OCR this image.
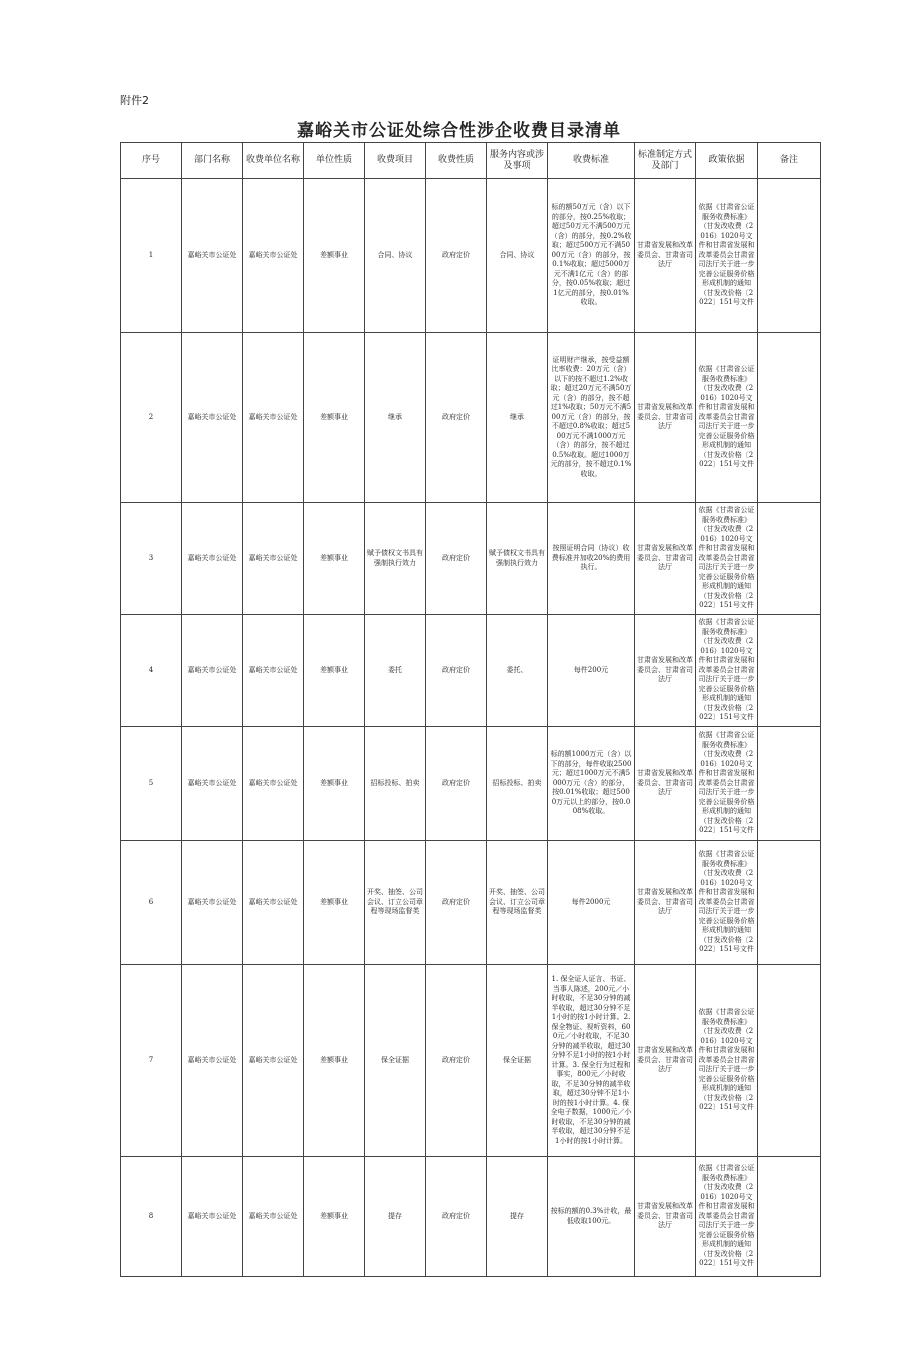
附件2
嘉峪关市公证处综合性涉企收费目录清单
序号	部门名称	收费单位名称	单位性质	收费项目	收费性质	服务内容或涉及事项	收费标准	标准制定方式及部门	政策依据	备注
1	嘉峪关市公证处	嘉峪关市公证处	差额事业	合同、协议	政府定价	合同、协议	标的额50万元（含）以下的部分，按0.25%收取；超过50万元不满500万元（含）的部分，按0.2%收取；超过500万元不满5000万元（含）的部分，按0.1%收取；超过5000万元不满1亿元（含）的部分，按0.05%收取；超过1亿元的部分，按0.01%收取。	甘肃省发展和改革委员会、甘肃省司法厅	依据《甘肃省公证服务收费标准》（甘发改收费（2016）1020号文件和甘肃省发展和改革委员会甘肃省司法厅关于进一步完善公证服务价格形成机制的通知（甘发改价格〔2022〕151号文件	
2	嘉峪关市公证处	嘉峪关市公证处	差额事业	继承	政府定价	继承	证明财产继承，按受益额比率收费：20万元（含）以下的按不超过1.2%收取；超过20万元不满50万元（含）的部分，按不超过1%收取；50万元不满500万元（含）的部分，按不超过0.8%收取；超过500万元不满1000万元（含）的部分，按不超过0.5%收取。超过1000万元的部分，按不超过0.1%收取。	甘肃省发展和改革委员会、甘肃省司法厅	依据《甘肃省公证服务收费标准》（甘发改收费（2016）1020号文件和甘肃省发展和改革委员会甘肃省司法厅关于进一步完善公证服务价格形成机制的通知（甘发改价格〔2022〕151号文件	
3	嘉峪关市公证处	嘉峪关市公证处	差额事业	赋予债权文书具有强制执行效力	政府定价	赋予债权文书具有强制执行效力	按照证明合同（协议）收费标准并加收20%的费用执行。	甘肃省发展和改革委员会、甘肃省司法厅	依据《甘肃省公证服务收费标准》（甘发改收费（2016）1020号文件和甘肃省发展和改革委员会甘肃省司法厅关于进一步完善公证服务价格形成机制的通知（甘发改价格〔2022〕151号文件	
4	嘉峪关市公证处	嘉峪关市公证处	差额事业	委托	政府定价	委托、	每件200元	甘肃省发展和改革委员会、甘肃省司法厅	依据《甘肃省公证服务收费标准》（甘发改收费（2016）1020号文件和甘肃省发展和改革委员会甘肃省司法厅关于进一步完善公证服务价格形成机制的通知（甘发改价格〔2022〕151号文件	
5	嘉峪关市公证处	嘉峪关市公证处	差额事业	招标投标、拍卖	政府定价	招标投标、拍卖	标的额1000万元（含）以下的部分，每件收取2500元；超过1000万元不满5000万元（含）的部分，按0.01%收取；超过5000万元以上的部分，按0.008%收取。	甘肃省发展和改革委员会、甘肃省司法厅	依据《甘肃省公证服务收费标准》（甘发改收费（2016）1020号文件和甘肃省发展和改革委员会甘肃省司法厅关于进一步完善公证服务价格形成机制的通知（甘发改价格〔2022〕151号文件	
6	嘉峪关市公证处	嘉峪关市公证处	差额事业	开奖、抽签、公司会议、订立公司章程等现场监督类	政府定价	开奖、抽签、公司会议、订立公司章程等现场监督类	每件2000元	甘肃省发展和改革委员会、甘肃省司法厅	依据《甘肃省公证服务收费标准》（甘发改收费（2016）1020号文件和甘肃省发展和改革委员会甘肃省司法厅关于进一步完善公证服务价格形成机制的通知（甘发改价格〔2022〕151号文件	
7	嘉峪关市公证处	嘉峪关市公证处	差额事业	保全证据	政府定价	保全证据	1. 保全证人证言、书证、当事人陈述，200元／小时收取，不足30分钟的减半收取，超过30分钟不足1小时的按1小时计算。2. 保全物证、视听资料，600元／小时收取，不足30分钟的减半收取，超过30分钟不足1小时的按1小时计算。3. 保全行为过程和事实，800元／小时收取，不足30分钟的减半收取，超过30分钟不足1小时的按1小时计算。4. 保全电子数据，1000元／小时收取，不足30分钟的减半收取，超过30分钟不足1小时的按1小时计算。	甘肃省发展和改革委员会、甘肃省司法厅	依据《甘肃省公证服务收费标准》（甘发改收费（2016）1020号文件和甘肃省发展和改革委员会甘肃省司法厅关于进一步完善公证服务价格形成机制的通知（甘发改价格〔2022〕151号文件	
8	嘉峪关市公证处	嘉峪关市公证处	差额事业	提存	政府定价	提存	按标的额的0.3%计收，最低收取100元。	甘肃省发展和改革委员会、甘肃省司法厅	依据《甘肃省公证服务收费标准》（甘发改收费（2016）1020号文件和甘肃省发展和改革委员会甘肃省司法厅关于进一步完善公证服务价格形成机制的通知（甘发改价格〔2022〕151号文件	
